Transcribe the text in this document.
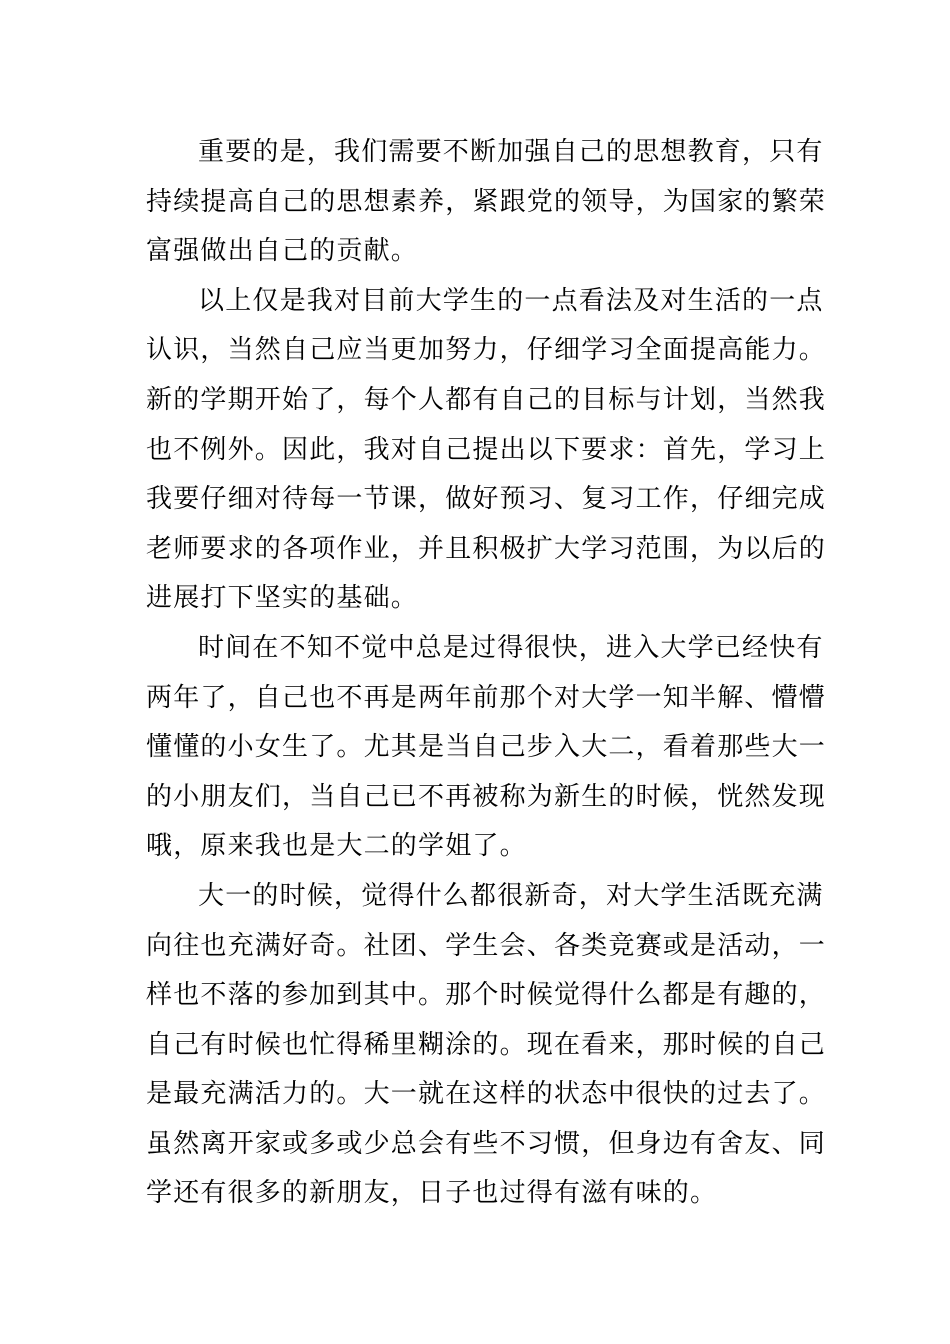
重要的是，我们需要不断加强自己的思想教育，只有
持续提高自己的思想素养，紧跟党的领导，为国家的繁荣
富强做出自己的贡献。

以上仅是我对目前大学生的一点看法及对生活的一点
认识，当然自己应当更加努力，仔细学习全面提高能力。
新的学期开始了，每个人都有自己的目标与计划，当然我
也不例外。因此，我对自己提出以下要求：首先，学习上
我要仔细对待每一节课，做好预习、复习工作，仔细完成
老师要求的各项作业，并且积极扩大学习范围，为以后的
进展打下坚实的基础。

时间在不知不觉中总是过得很快，进入大学已经快有
两年了，自己也不再是两年前那个对大学一知半解、懵懵
懂懂的小女生了。尤其是当自己步入大二，看着那些大一
的小朋友们，当自己已不再被称为新生的时候，恍然发现
哦，原来我也是大二的学姐了。

大一的时候，觉得什么都很新奇，对大学生活既充满
向往也充满好奇。社团、学生会、各类竞赛或是活动，一
样也不落的参加到其中。那个时候觉得什么都是有趣的，
自己有时候也忙得稀里糊涂的。现在看来，那时候的自己
是最充满活力的。大一就在这样的状态中很快的过去了。
虽然离开家或多或少总会有些不习惯，但身边有舍友、同
学还有很多的新朋友，日子也过得有滋有味的。
